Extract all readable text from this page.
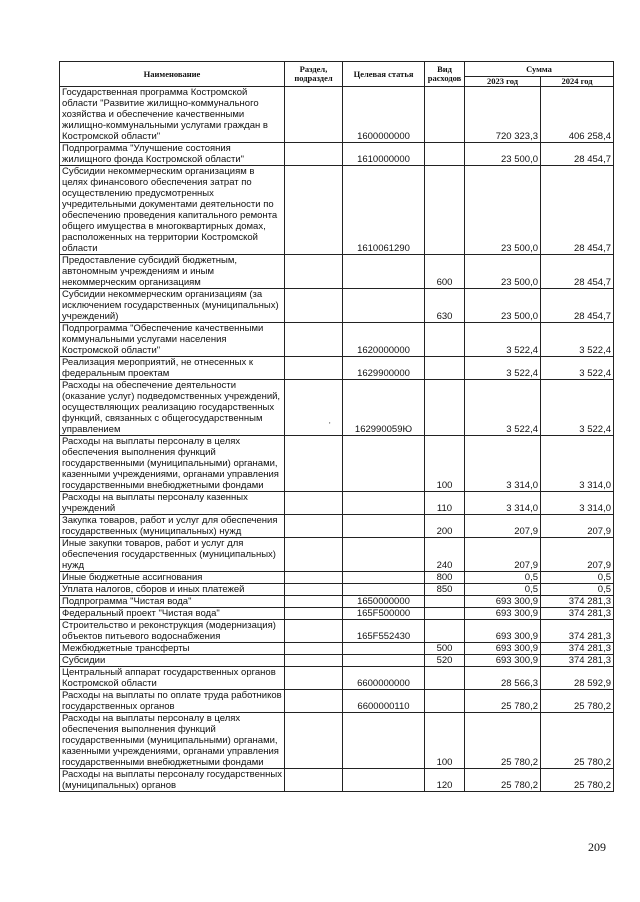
Наименование	Раздел, подраздел	Целевая статья	Вид расходов	Сумма	
				2023 год	2024 год
Государственная программа Костромской области "Развитие жилищно-коммунального хозяйства и обеспечение качественными жилищно-коммунальными услугами граждан в Костромской области"		1600000000		720 323,3	406 258,4
Подпрограмма "Улучшение состояния жилищного фонда Костромской области"		1610000000		23 500,0	28 454,7
Субсидии некоммерческим организациям в целях финансового обеспечения затрат по осуществлению предусмотренных учредительными документами деятельности по обеспечению проведения капитального ремонта общего имущества в многоквартирных домах, расположенных на территории Костромской области		1610061290		23 500,0	28 454,7
Предоставление субсидий бюджетным, автономным учреждениям и иным некоммерческим организациям			600	23 500,0	28 454,7
Субсидии некоммерческим организациям (за исключением государственных (муниципальных) учреждений)			630	23 500,0	28 454,7
Подпрограмма "Обеспечение качественными коммунальными услугами населения Костромской области"		1620000000		3 522,4	3 522,4
Реализация мероприятий, не отнесенных к федеральным проектам		1629900000		3 522,4	3 522,4
Расходы на обеспечение деятельности (оказание услуг) подведомственных учреждений, осуществляющих реализацию государственных функций, связанных с общегосударственным управлением		162990059Ю		3 522,4	3 522,4
Расходы на выплаты персоналу в целях обеспечения выполнения функций государственными (муниципальными) органами, казенными учреждениями, органами управления государственными внебюджетными фондами			100	3 314,0	3 314,0
Расходы на выплаты персоналу казенных учреждений			110	3 314,0	3 314,0
Закупка товаров, работ и услуг для обеспечения государственных (муниципальных) нужд			200	207,9	207,9
Иные закупки товаров, работ и услуг для обеспечения государственных (муниципальных) нужд			240	207,9	207,9
Иные бюджетные ассигнования			800	0,5	0,5
Уплата налогов, сборов и иных платежей			850	0,5	0,5
Подпрограмма "Чистая вода"		1650000000		693 300,9	374 281,3
Федеральный проект "Чистая вода"		165F500000		693 300,9	374 281,3
Строительство и реконструкция (модернизация) объектов питьевого водоснабжения		165F552430		693 300,9	374 281,3
Межбюджетные трансферты			500	693 300,9	374 281,3
Субсидии			520	693 300,9	374 281,3
Центральный аппарат государственных органов Костромской области		6600000000		28 566,3	28 592,9
Расходы на выплаты по оплате труда работников государственных органов		6600000110		25 780,2	25 780,2
Расходы на выплаты персоналу в целях обеспечения выполнения функций государственными (муниципальными) органами, казенными учреждениями, органами управления государственными внебюджетными фондами			100	25 780,2	25 780,2
Расходы на выплаты персоналу государственных (муниципальных) органов			120	25 780,2	25 780,2
'
209
